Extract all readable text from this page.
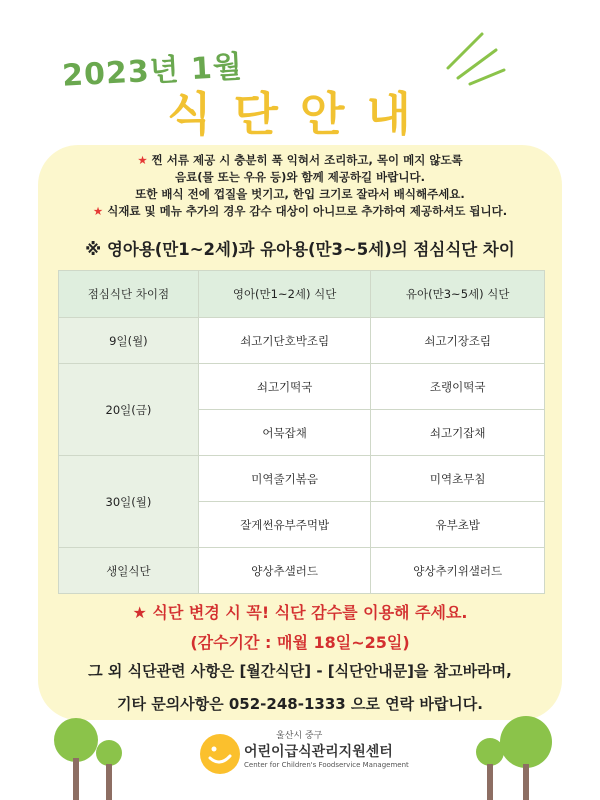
2023년 1월
식단안내
★ 찐 서류 제공 시 충분히 푹 익혀서 조리하고, 목이 메지 않도록
음료(물 또는 우유 등)와 함께 제공하길 바랍니다.
또한 배식 전에 껍질을 벗기고, 한입 크기로 잘라서 배식해주세요.
★ 식재료 및 메뉴 추가의 경우 감수 대상이 아니므로 추가하여 제공하셔도 됩니다.
※ 영아용(만1~2세)과 유아용(만3~5세)의 점심식단 차이
점심식단 차이점	영아(만1~2세) 식단	유아(만3~5세) 식단
9일(월)	쇠고기단호박조림	쇠고기장조림
20일(금)	쇠고기떡국	조랭이떡국
	어묵잡채	쇠고기잡채
30일(월)	미역줄기볶음	미역초무침
	잘게썬유부주먹밥	유부초밥
생일식단	양상추샐러드	양상추키위샐러드
★ 식단 변경 시 꼭! 식단 감수를 이용해 주세요.
(감수기간 : 매월 18일~25일)
그 외 식단관련 사항은 [월간식단] - [식단안내문]을 참고바라며,
기타 문의사항은 052-248-1333 으로 연락 바랍니다.
울산시 중구
어린이급식관리지원센터
Center for Children's Foodservice Management
